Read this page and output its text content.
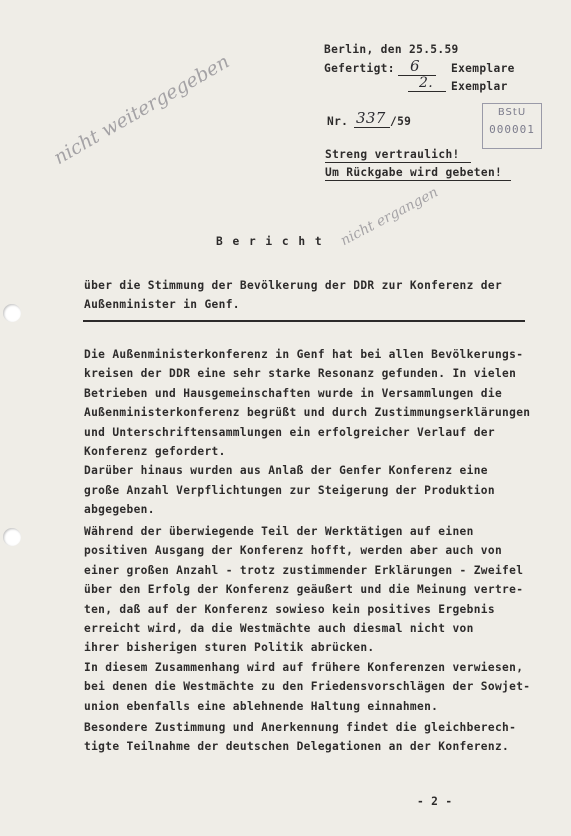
Berlin, den 25.5.59
Gefertigt: 6	Exemplare
2. Exemplar
Nr. 337 /59
BStU
000001
Streng vertraulich!
Um Rückgabe wird gebeten!
nicht weitergegeben
nicht ergangen
B e r i c h t
über die Stimmung der Bevölkerung der DDR zur Konferenz der
Außenminister in Genf.

Die Außenministerkonferenz in Genf hat bei allen Bevölkerungs-
kreisen der DDR eine sehr starke Resonanz gefunden. In vielen
Betrieben und Hausgemeinschaften wurde in Versammlungen die
Außenministerkonferenz begrüßt und durch Zustimmungserklärungen
und Unterschriftensammlungen ein erfolgreicher Verlauf der
Konferenz gefordert.
Darüber hinaus wurden aus Anlaß der Genfer Konferenz eine
große Anzahl Verpflichtungen zur Steigerung der Produktion
abgegeben.

Während der überwiegende Teil der Werktätigen auf einen
positiven Ausgang der Konferenz hofft, werden aber auch von
einer großen Anzahl - trotz zustimmender Erklärungen - Zweifel
über den Erfolg der Konferenz geäußert und die Meinung vertre-
ten, daß auf der Konferenz sowieso kein positives Ergebnis
erreicht wird, da die Westmächte auch diesmal nicht von
ihrer bisherigen sturen Politik abrücken.
In diesem Zusammenhang wird auf frühere Konferenzen verwiesen,
bei denen die Westmächte zu den Friedensvorschlägen der Sowjet-
union ebenfalls eine ablehnende Haltung einnahmen.

Besondere Zustimmung und Anerkennung findet die gleichberech-
tigte Teilnahme der deutschen Delegationen an der Konferenz.

- 2 -
